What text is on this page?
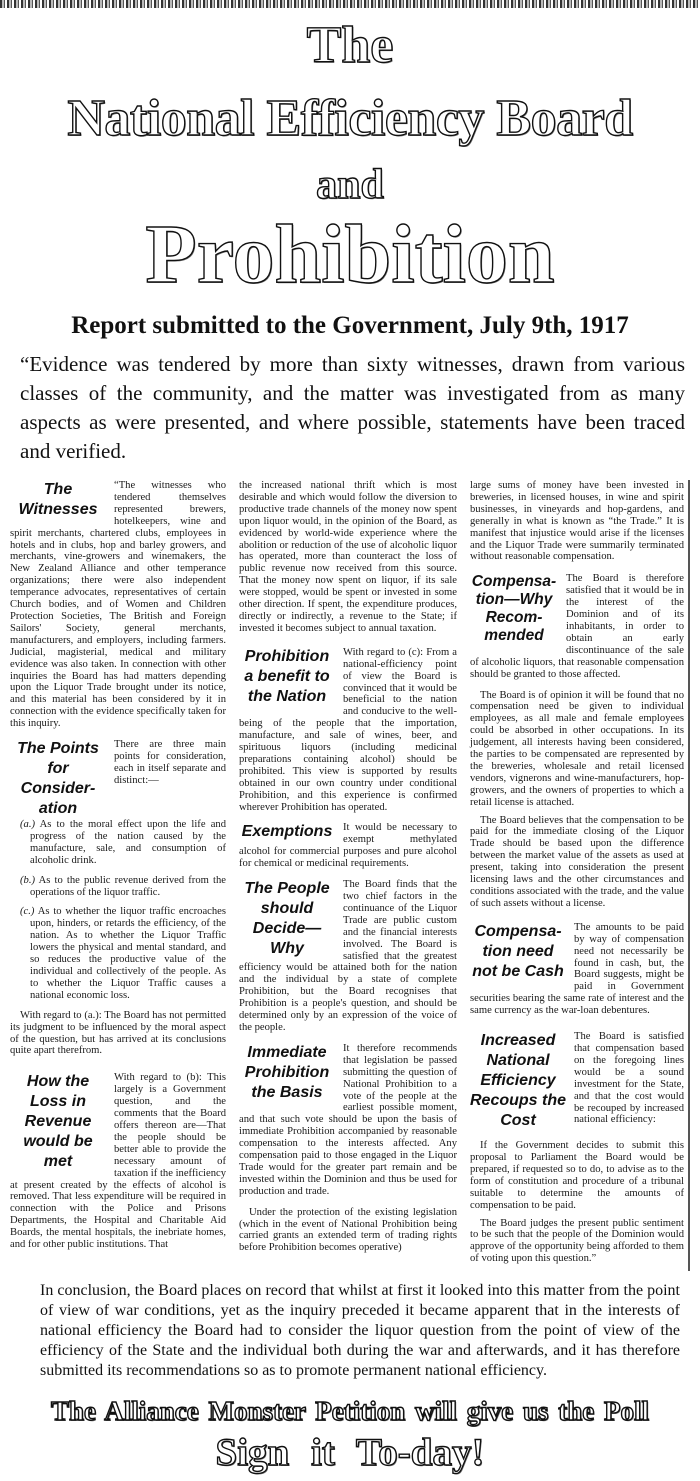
The
National Efficiency Board
and
Prohibition
Report submitted to the Government, July 9th, 1917
“Evidence was tendered by more than sixty witnesses, drawn from various classes of the community, and the matter was investigated from as many aspects as were presented, and where possible, statements have been traced and verified.
The Witnesses
“The witnesses who tendered themselves represented brewers, hotelkeepers, wine and spirit merchants, chartered clubs, employees in hotels and in clubs, hop and barley growers, and merchants, vine-growers and winemakers, the New Zealand Alliance and other temperance organizations; there were also independent temperance advocates, representatives of certain Church bodies, and of Women and Children Protection Societies, The British and Foreign Sailors' Society, general merchants, manufacturers, and employers, including farmers. Judicial, magisterial, medical and military evidence was also taken. In connection with other inquiries the Board has had matters depending upon the Liquor Trade brought under its notice, and this material has been considered by it in connection with the evidence specifically taken for this inquiry.
The Points for Consider-ation

There are three main points for consideration, each in itself separate and distinct:—

(a.) As to the moral effect upon the life and progress of the nation caused by the manufacture, sale, and consumption of alcoholic drink.
(b.) As to the public revenue derived from the operations of the liquor traffic.
(c.) As to whether the liquor traffic encroaches upon, hinders, or retards the efficiency, of the nation. As to whether the Liquor Traffic lowers the physical and mental standard, and so reduces the productive value of the individual and collectively of the people. As to whether the Liquor Traffic causes a national economic loss.

With regard to (a.): The Board has not permitted its judgment to be influenced by the moral aspect of the question, but has arrived at its conclusions quite apart therefrom.

How the Loss in Revenue would be met
With regard to (b): This largely is a Government question, and the comments that the Board offers thereon are—That the people should be better able to provide the necessary amount of taxation if the inefficiency at present created by the effects of alcohol is removed. That less expenditure will be required in connection with the Police and Prisons Departments, the Hospital and Charitable Aid Boards, the mental hospitals, the inebriate homes, and for other public institutions. That

the increased national thrift which is most desirable and which would follow the diversion to productive trade channels of the money now spent upon liquor would, in the opinion of the Board, as evidenced by world-wide experience where the abolition or reduction of the use of alcoholic liquor has operated, more than counteract the loss of public revenue now received from this source. That the money now spent on liquor, if its sale were stopped, would be spent or invested in some other direction. If spent, the expenditure produces, directly or indirectly, a revenue to the State; if invested it becomes subject to annual taxation.

Prohibition a benefit to the Nation
With regard to (c): From a national-efficiency point of view the Board is convinced that it would be beneficial to the nation and conducive to the well-being of the people that the importation, manufacture, and sale of wines, beer, and spirituous liquors (including medicinal preparations containing alcohol) should be prohibited. This view is supported by results obtained in our own country under conditional Prohibition, and this experience is confirmed wherever Prohibition has operated.
Exemptions It would be necessary to exempt methylated alcohol for commercial purposes and pure alcohol for chemical or medicinal requirements.
The People should Decide—Why
The Board finds that the two chief factors in the continuance of the Liquor Trade are public custom and the financial interests involved. The Board is satisfied that the greatest efficiency would be attained both for the nation and the individual by a state of complete Prohibition, but the Board recognises that Prohibition is a people's question, and should be determined only by an expression of the voice of the people.
Immediate Prohibition the Basis
It therefore recommends that legislation be passed submitting the question of National Prohibition to a vote of the people at the earliest possible moment, and that such vote should be upon the basis of immediate Prohibition accompanied by reasonable compensation to the interests affected. Any compensation paid to those engaged in the Liquor Trade would for the greater part remain and be invested within the Dominion and thus be used for production and trade.

Under the protection of the existing legislation (which in the event of National Prohibition being carried grants an extended term of trading rights before Prohibition becomes operative)

large sums of money have been invested in breweries, in licensed houses, in wine and spirit businesses, in vineyards and hop-gardens, and generally in what is known as “the Trade.” It is manifest that injustice would arise if the licenses and the Liquor Trade were summarily terminated without reasonable compensation.

Compensa-tion—Why Recom-mended
The Board is therefore satisfied that it would be in the interest of the Dominion and of its inhabitants, in order to obtain an early discontinuance of the sale of alcoholic liquors, that reasonable compensation should be granted to those affected.

The Board is of opinion it will be found that no compensation need be given to individual employees, as all male and female employees could be absorbed in other occupations. In its judgement, all interests having been considered, the parties to be compensated are represented by the breweries, wholesale and retail licensed vendors, vignerons and wine-manufacturers, hop-growers, and the owners of properties to which a retail license is attached.

The Board believes that the compensation to be paid for the immediate closing of the Liquor Trade should be based upon the difference between the market value of the assets as used at present, taking into consideration the present licensing laws and the other circumstances and conditions associated with the trade, and the value of such assets without a license.

Compensa-tion need not be Cash
The amounts to be paid by way of compensation need not necessarily be found in cash, but, the Board suggests, might be paid in Government securities bearing the same rate of interest and the same currency as the war-loan debentures.
Increased National Efficiency Recoups the Cost
The Board is satisfied that compensation based on the foregoing lines would be a sound investment for the State, and that the cost would be recouped by increased national efficiency:

If the Government decides to submit this proposal to Parliament the Board would be prepared, if requested so to do, to advise as to the form of constitution and procedure of a tribunal suitable to determine the amounts of compensation to be paid.

The Board judges the present public sentiment to be such that the people of the Dominion would approve of the opportunity being afforded to them of voting upon this question.”

In conclusion, the Board places on record that whilst at first it looked into this matter from the point of view of war conditions, yet as the inquiry preceded it became apparent that in the interests of national efficiency the Board had to consider the liquor question from the point of view of the efficiency of the State and the individual both during the war and afterwards, and it has therefore submitted its recommendations so as to promote permanent national efficiency.
The Alliance Monster Petition will give us the Poll
Sign it To-day!
